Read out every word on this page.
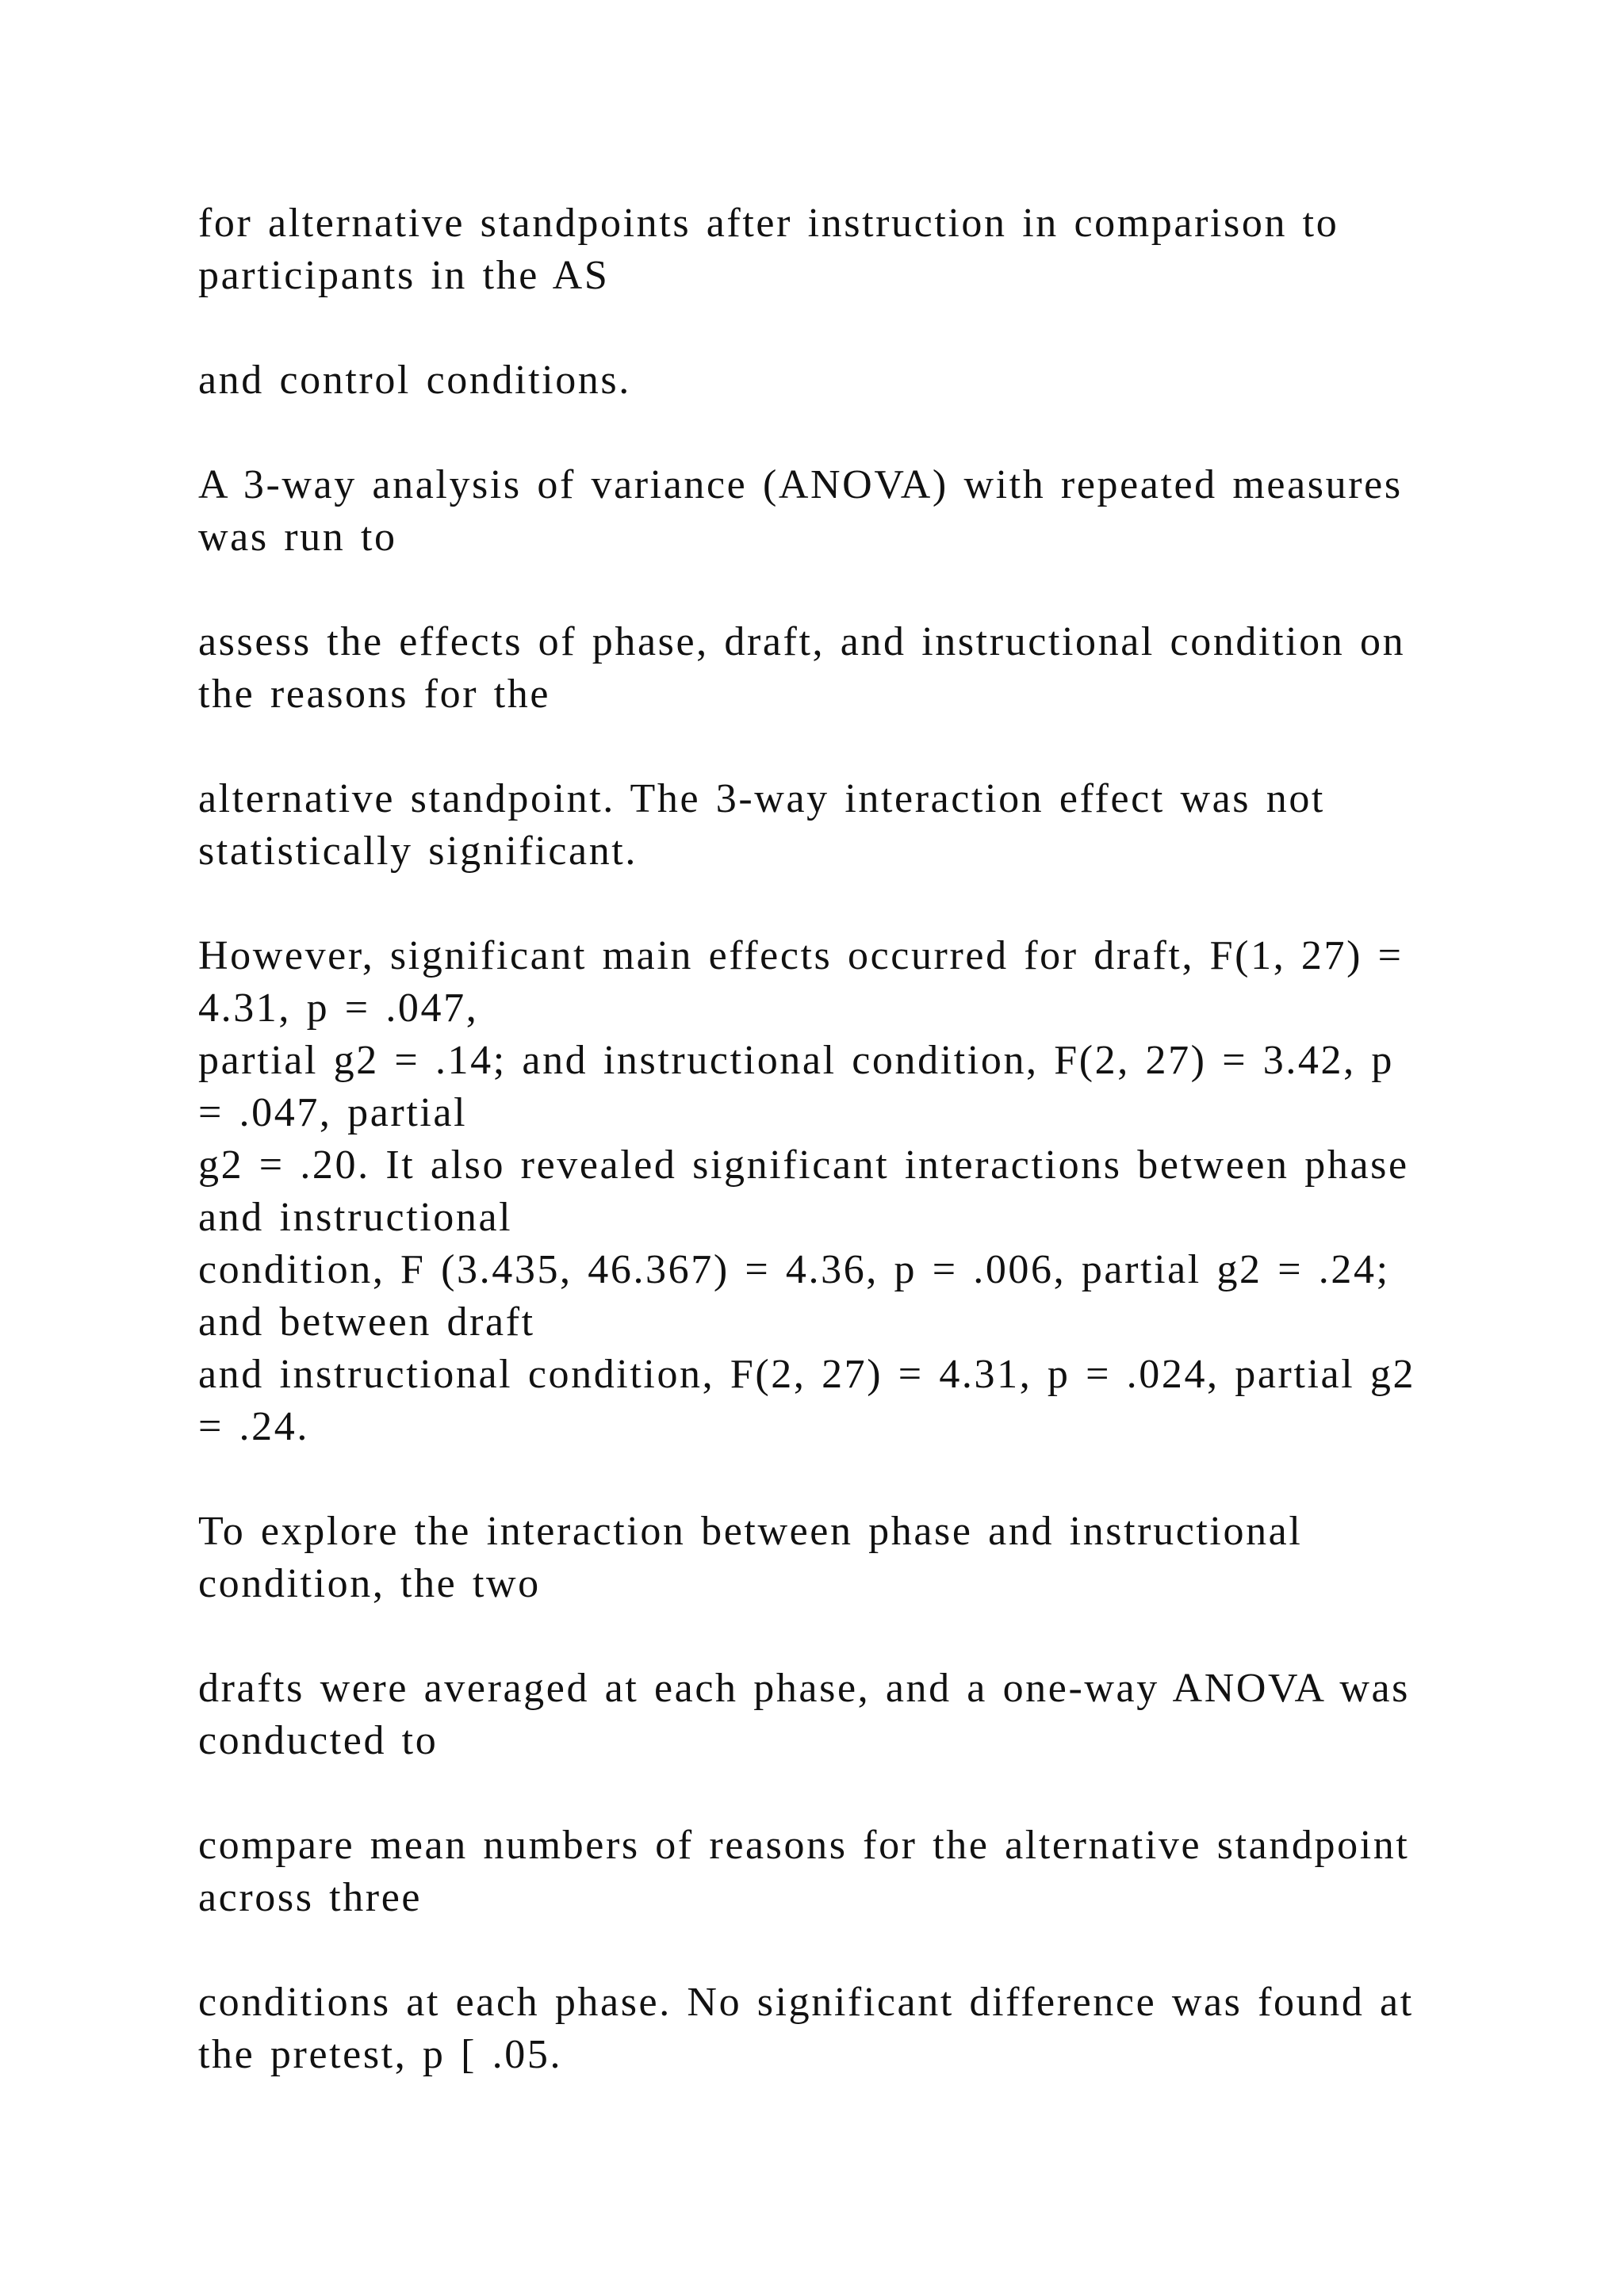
for alternative standpoints after instruction in comparison to
participants in the AS
and control conditions.
A 3-way analysis of variance (ANOVA) with repeated measures
was run to
assess the effects of phase, draft, and instructional condition on
the reasons for the
alternative standpoint. The 3-way interaction effect was not
statistically significant.
However, significant main effects occurred for draft, F(1, 27) =
4.31, p = .047,
partial g2 = .14; and instructional condition, F(2, 27) = 3.42, p
= .047, partial
g2 = .20. It also revealed significant interactions between phase
and instructional
condition, F (3.435, 46.367) = 4.36, p = .006, partial g2 = .24;
and between draft
and instructional condition, F(2, 27) = 4.31, p = .024, partial g2
= .24.
To explore the interaction between phase and instructional
condition, the two
drafts were averaged at each phase, and a one-way ANOVA was
conducted to
compare mean numbers of reasons for the alternative standpoint
across three
conditions at each phase. No significant difference was found at
the pretest, p [ .05.
